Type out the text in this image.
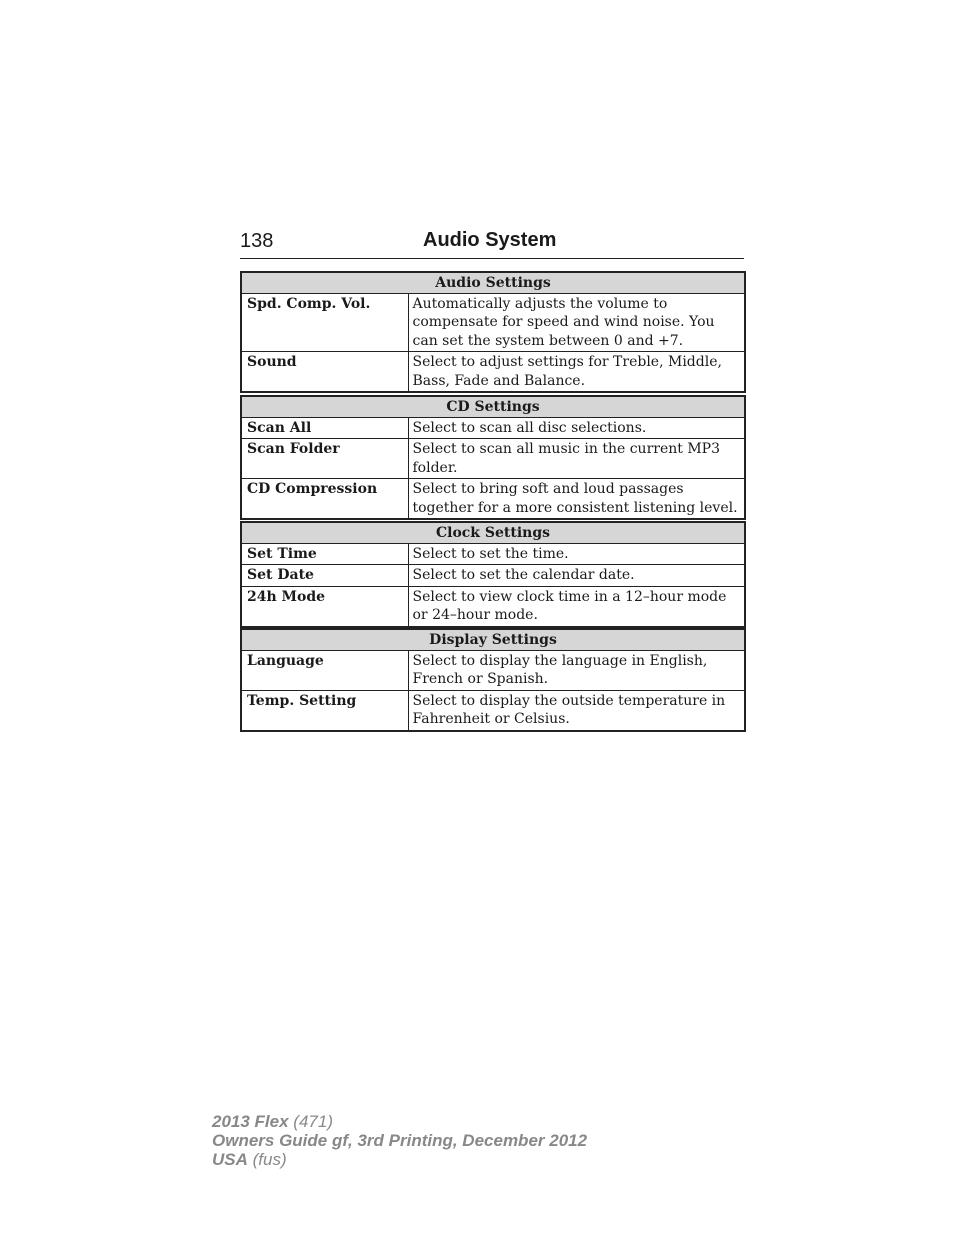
138	Audio System
Audio Settings	
Spd. Comp. Vol.	Automatically adjusts the volume to compensate for speed and wind noise. You can set the system between 0 and +7.
Sound	Select to adjust settings for Treble, Middle, Bass, Fade and Balance.
CD Settings	
Scan All	Select to scan all disc selections.
Scan Folder	Select to scan all music in the current MP3 folder.
CD Compression	Select to bring soft and loud passages together for a more consistent listening level.
Clock Settings	
Set Time	Select to set the time.
Set Date	Select to set the calendar date.
24h Mode	Select to view clock time in a 12–hour mode or 24–hour mode.
Display Settings	
Language	Select to display the language in English, French or Spanish.
Temp. Setting	Select to display the outside temperature in Fahrenheit or Celsius.
2013 Flex (471)
Owners Guide gf, 3rd Printing, December 2012
USA (fus)
